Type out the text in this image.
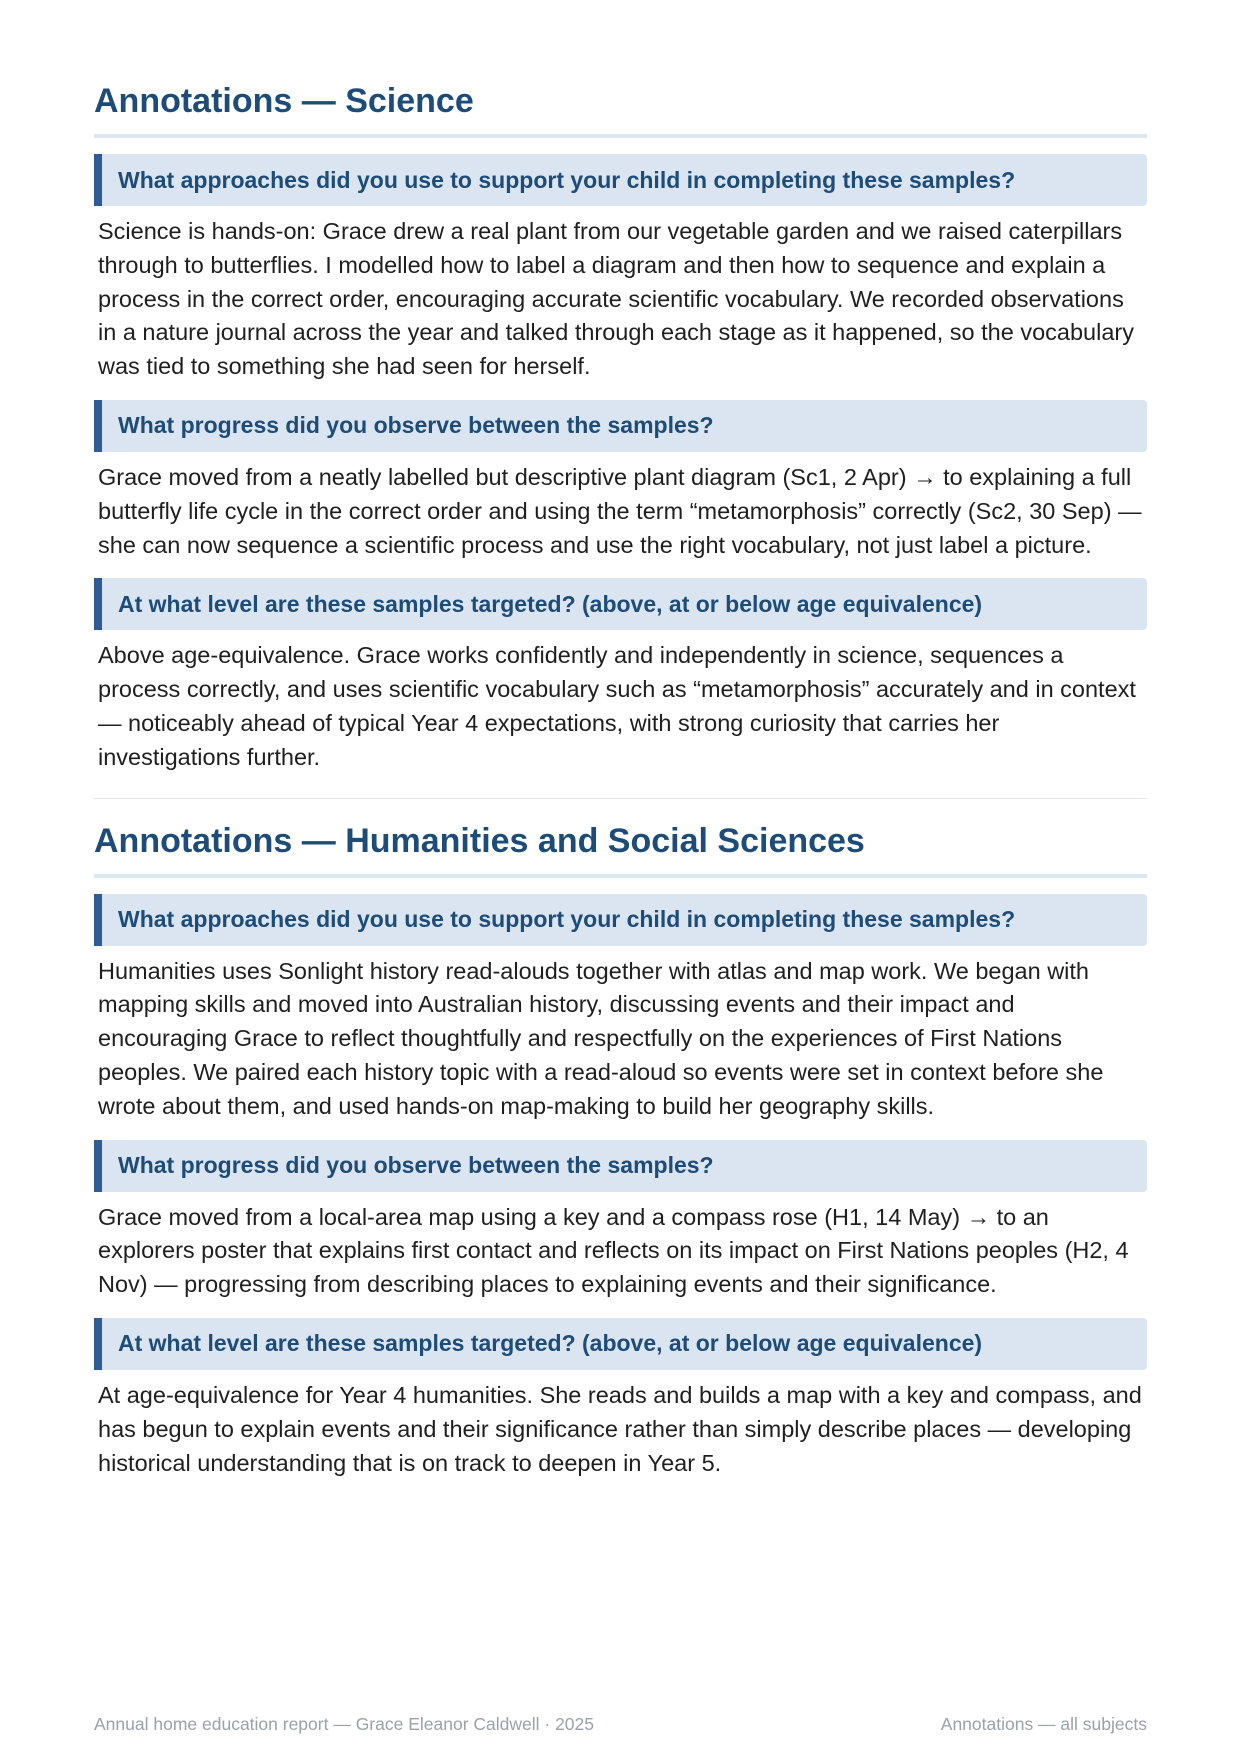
Annotations — Science
What approaches did you use to support your child in completing these samples?
Science is hands-on: Grace drew a real plant from our vegetable garden and we raised caterpillars through to butterflies. I modelled how to label a diagram and then how to sequence and explain a process in the correct order, encouraging accurate scientific vocabulary. We recorded observations in a nature journal across the year and talked through each stage as it happened, so the vocabulary was tied to something she had seen for herself.
What progress did you observe between the samples?
Grace moved from a neatly labelled but descriptive plant diagram (Sc1, 2 Apr) → to explaining a full butterfly life cycle in the correct order and using the term “metamorphosis” correctly (Sc2, 30 Sep) — she can now sequence a scientific process and use the right vocabulary, not just label a picture.
At what level are these samples targeted? (above, at or below age equivalence)
Above age-equivalence. Grace works confidently and independently in science, sequences a process correctly, and uses scientific vocabulary such as “metamorphosis” accurately and in context — noticeably ahead of typical Year 4 expectations, with strong curiosity that carries her investigations further.
Annotations — Humanities and Social Sciences
What approaches did you use to support your child in completing these samples?
Humanities uses Sonlight history read-alouds together with atlas and map work. We began with mapping skills and moved into Australian history, discussing events and their impact and encouraging Grace to reflect thoughtfully and respectfully on the experiences of First Nations peoples. We paired each history topic with a read-aloud so events were set in context before she wrote about them, and used hands-on map-making to build her geography skills.
What progress did you observe between the samples?
Grace moved from a local-area map using a key and a compass rose (H1, 14 May) → to an explorers poster that explains first contact and reflects on its impact on First Nations peoples (H2, 4 Nov) — progressing from describing places to explaining events and their significance.
At what level are these samples targeted? (above, at or below age equivalence)
At age-equivalence for Year 4 humanities. She reads and builds a map with a key and compass, and has begun to explain events and their significance rather than simply describe places — developing historical understanding that is on track to deepen in Year 5.
Annual home education report — Grace Eleanor Caldwell · 2025	Annotations — all subjects
